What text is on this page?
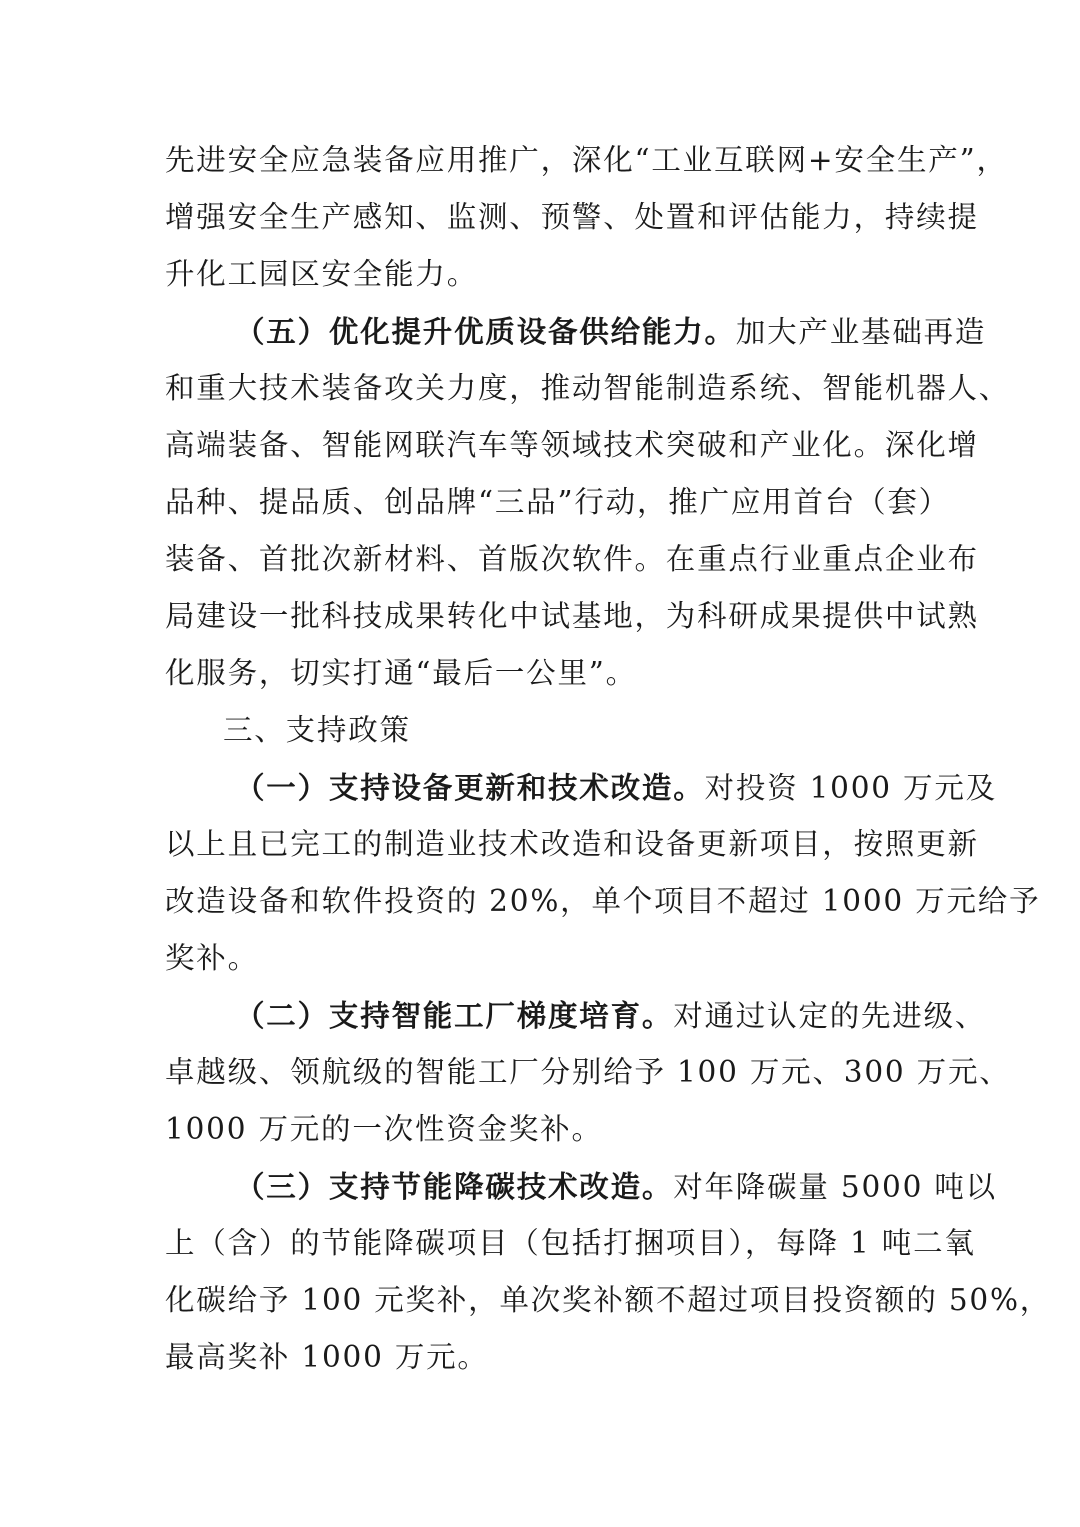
先进安全应急装备应用推广，深化“工业互联网+安全生产”，
增强安全生产感知、监测、预警、处置和评估能力，持续提
升化工园区安全能力。
（五）优化提升优质设备供给能力。加大产业基础再造
和重大技术装备攻关力度，推动智能制造系统、智能机器人、
高端装备、智能网联汽车等领域技术突破和产业化。深化增
品种、提品质、创品牌“三品”行动，推广应用首台（套）
装备、首批次新材料、首版次软件。在重点行业重点企业布
局建设一批科技成果转化中试基地，为科研成果提供中试熟
化服务，切实打通“最后一公里”。
三、支持政策
（一）支持设备更新和技术改造。对投资 1000 万元及
以上且已完工的制造业技术改造和设备更新项目，按照更新
改造设备和软件投资的 20%，单个项目不超过 1000 万元给予
奖补。
（二）支持智能工厂梯度培育。对通过认定的先进级、
卓越级、领航级的智能工厂分别给予 100 万元、300 万元、
1000 万元的一次性资金奖补。
（三）支持节能降碳技术改造。对年降碳量 5000 吨以
上（含）的节能降碳项目（包括打捆项目），每降 1 吨二氧
化碳给予 100 元奖补，单次奖补额不超过项目投资额的 50%，
最高奖补 1000 万元。
